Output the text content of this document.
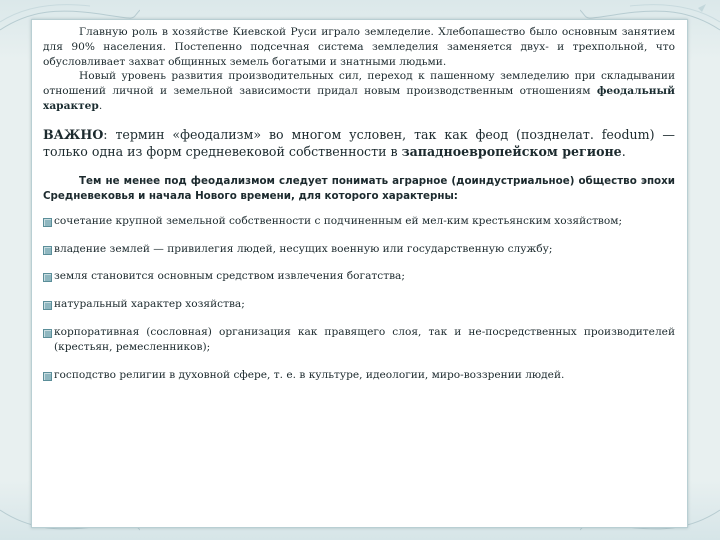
Главную роль в хозяйстве Киевской Руси играло земледелие. Хлебопашество было основным занятием для 90% населения. Постепенно подсечная система земледелия заменяется двух- и трехпольной, что обусловливает захват общинных земель богатыми и знатными людьми.

Новый уровень развития производительных сил, переход к пашенному земледелию при складывании отношений личной и земельной зависимости придал новым производственным отношениям феодальный характер.

ВАЖНО: термин «феодализм» во многом условен, так как феод (позднелат. feodum) — только одна из форм средневековой собственности в западноевропейском регионе.

Тем не менее под феодализмом следует понимать аграрное (доиндустриальное) общество эпохи Средневековья и начала Нового времени, для которого характерны:

сочетание крупной земельной собственности с подчиненным ей мел-ким крестьянским хозяйством;

владение землей — привилегия людей, несущих военную или государственную службу;

земля становится основным средством извлечения богатства;

натуральный характер хозяйства;

корпоративная (сословная) организация как правящего слоя, так и не-посредственных производителей (крестьян, ремесленников);

господство религии в духовной сфере, т. е. в культуре, идеологии, миро-воззрении людей.
